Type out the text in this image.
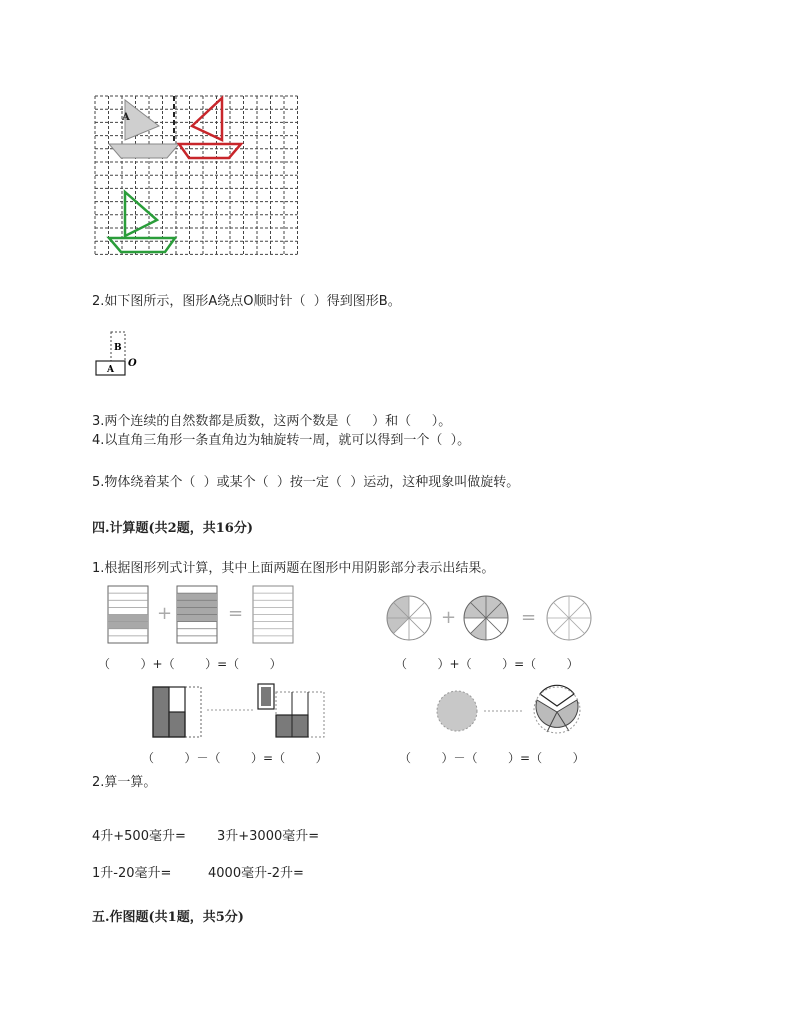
A
2.如下图所示，图形A绕点O顺时针（  ）得到图形B。
B
A
O
3.两个连续的自然数都是质数，这两个数是（     ）和（     ）。
4.以直角三角形一条直角边为轴旋转一周，就可以得到一个（  ）。
5.物体绕着某个（  ）或某个（  ）按一定（  ）运动，这种现象叫做旋转。
四.计算题(共2题，共16分)
1.根据图形列式计算，其中上面两题在图形中用阴影部分表示出结果。
+	=	+	=
（        ）+（        ）=（        ）	（        ）+（        ）=（        ）
（        ）－（        ）=（        ）	（        ）－（        ）=（        ）
2.算一算。
4升+500毫升= 3升+3000毫升=
1升-20毫升=	4000毫升-2升=
五.作图题(共1题，共5分)
